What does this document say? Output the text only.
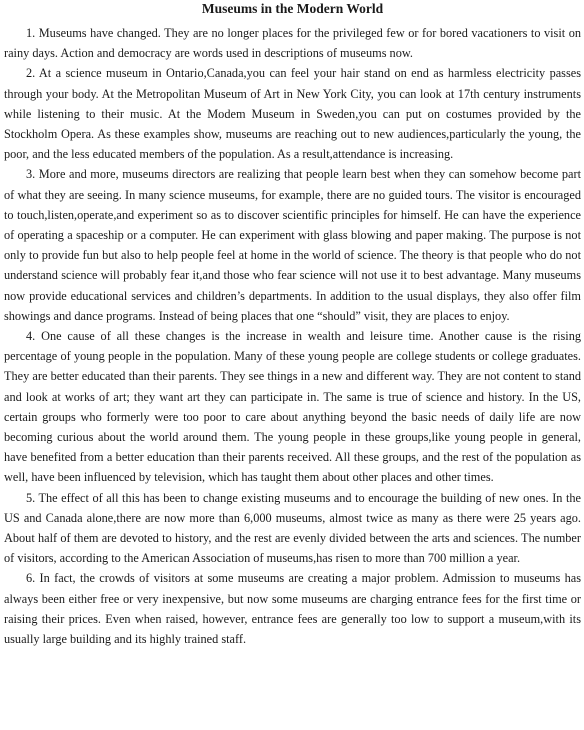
Museums in the Modern World

1. Museums have changed. They are no longer places for the privileged few or for bored vacationers to visit on rainy days. Action and democracy are words used in descriptions of museums now.

2. At a science museum in Ontario,Canada,you can feel your hair stand on end as harmless electricity passes through your body. At the Metropolitan Museum of Art in New York City, you can look at 17th century instruments while listening to their music. At the Modem Museum in Sweden,you can put on costumes provided by the Stockholm Opera. As these examples show, museums are reaching out to new audiences,particularly the young, the poor, and the less educated members of the population. As a result,attendance is increasing.

3. More and more, museums directors are realizing that people learn best when they can somehow become part of what they are seeing. In many science museums, for example, there are no guided tours. The visitor is encouraged to touch,listen,operate,and experiment so as to discover scientific principles for himself. He can have the experience of operating a spaceship or a computer. He can experiment with glass blowing and paper making. The purpose is not only to provide fun but also to help people feel at home in the world of science. The theory is that people who do not understand science will probably fear it,and those who fear science will not use it to best advantage. Many museums now provide educational services and children’s departments. In addition to the usual displays, they also offer film showings and dance programs. Instead of being places that one “should” visit, they are places to enjoy.

4. One cause of all these changes is the increase in wealth and leisure time. Another cause is the rising percentage of young people in the population. Many of these young people are college students or college graduates. They are better educated than their parents. They see things in a new and different way. They are not content to stand and look at works of art; they want art they can participate in. The same is true of science and history. In the US, certain groups who formerly were too poor to care about anything beyond the basic needs of daily life are now becoming curious about the world around them. The young people in these groups,like young people in general, have benefited from a better education than their parents received. All these groups, and the rest of the population as well, have been influenced by television, which has taught them about other places and other times.

5. The effect of all this has been to change existing museums and to encourage the building of new ones. In the US and Canada alone,there are now more than 6,000 museums, almost twice as many as there were 25 years ago. About half of them are devoted to history, and the rest are evenly divided between the arts and sciences. The number of visitors, according to the American Association of museums,has risen to more than 700 million a year.

6. In fact, the crowds of visitors at some museums are creating a major problem. Admission to museums has always been either free or very inexpensive, but now some museums are charging entrance fees for the first time or raising their prices. Even when raised, however, entrance fees are generally too low to support a museum,with its usually large building and its highly trained staff.
